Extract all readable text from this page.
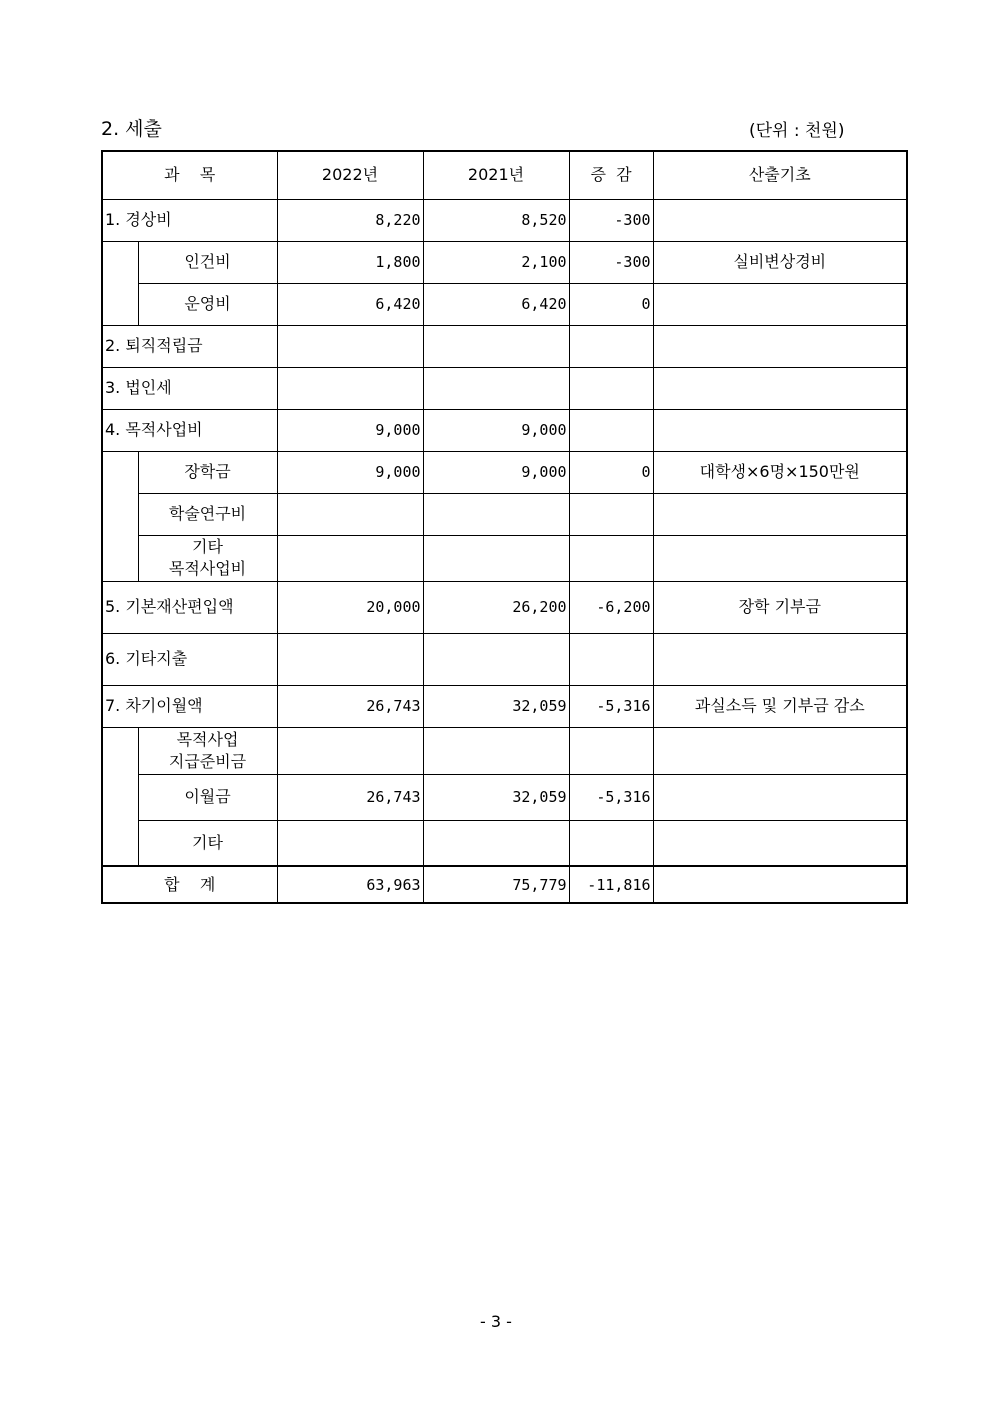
2. 세출	(단위 : 천원)
과    목		2022년	2021년	증  감	산출기초
1. 경상비		8,220	8,520	-300	
	인건비	1,800	2,100	-300	실비변상경비
	운영비	6,420	6,420	0	
2. 퇴직적립금					
3. 법인세					
4. 목적사업비		9,000	9,000		
	장학금	9,000	9,000	0	대학생×6명×150만원
	학술연구비				

	기타
목적사업비				

5. 기본재산편입액		20,000	26,200	-6,200	장학 기부금
6. 기타지출					
7. 차기이월액		26,743	32,059	-5,316	과실소득 및 기부금 감소

	목적사업
지급준비금				

	이월금	26,743	32,059	-5,316	
	기타				
합    계		63,963	75,779	-11,816	
- 3 -
